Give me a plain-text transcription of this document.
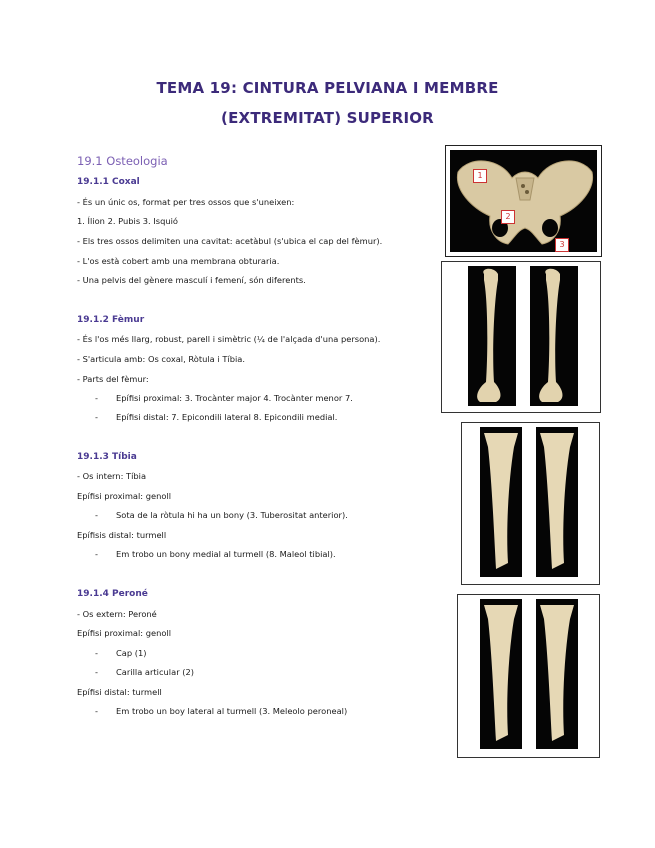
TEMA 19: CINTURA PELVIANA I MEMBRE
(EXTREMITAT) SUPERIOR
19.1 Osteologia
19.1.1 Coxal
- És un únic os, format per tres ossos que s'uneixen:
1. Ílion 2. Pubis 3. Isquió
- Els tres ossos delimiten una cavitat: acetàbul (s'ubica el cap del fèmur).
- L'os està cobert amb una membrana obturaria.
- Una pelvis del gènere masculí i femení, són diferents.
19.1.2 Fèmur
- És l'os més llarg, robust, parell i simètric (¼ de l'alçada d'una persona).
- S'articula amb: Os coxal, Ròtula i Tíbia.
- Parts del fèmur:
- Epífisi proximal: 3. Trocànter major 4. Trocànter menor 7.
- Epífisi distal: 7. Epicondili lateral 8. Epicondili medial.
19.1.3 Tíbia
- Os intern: Tíbia
Epífisi proximal: genoll
- Sota de la ròtula hi ha un bony (3. Tuberositat anterior).
Epífisis distal: turmell
- Em trobo un bony medial al turmell (8. Maleol tibial).
19.1.4 Peroné
- Os extern: Peroné
Epífisi proximal: genoll
- Cap (1)
- Carilla articular (2)
Epífisi distal: turmell
- Em trobo un boy lateral al turmell (3. Meleolo peroneal)
1
2
3
